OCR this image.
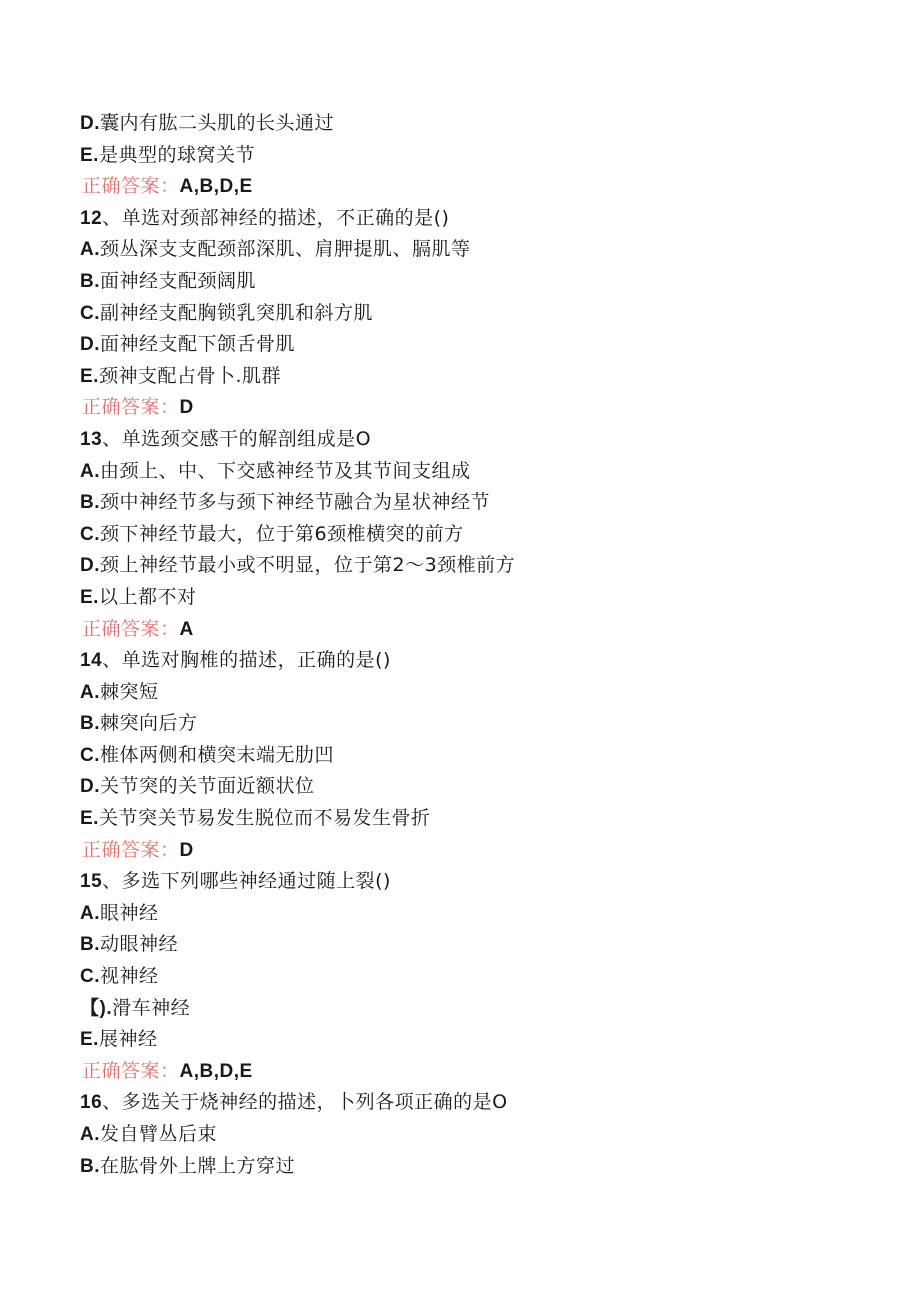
D.囊内有肱二头肌的长头通过
E.是典型的球窝关节
正确答案：A,B,D,E
12、单选对颈部神经的描述，不正确的是()
A.颈丛深支支配颈部深肌、肩胛提肌、膈肌等
B.面神经支配颈阔肌
C.副神经支配胸锁乳突肌和斜方肌
D.面神经支配下颌舌骨肌
E.颈神支配占骨卜.肌群
正确答案：D
13、单选颈交感干的解剖组成是O
A.由颈上、中、下交感神经节及其节间支组成
B.颈中神经节多与颈下神经节融合为星状神经节
C.颈下神经节最大，位于第6颈椎横突的前方
D.颈上神经节最小或不明显，位于第2〜3颈椎前方
E.以上都不对
正确答案：A
14、单选对胸椎的描述，正确的是()
A.棘突短
B.棘突向后方
C.椎体两侧和横突末端无肋凹
D.关节突的关节面近额状位
E.关节突关节易发生脱位而不易发生骨折
正确答案：D
15、多选下列哪些神经通过随上裂()
A.眼神经
B.动眼神经
C.视神经
【).滑车神经
E.展神经
正确答案：A,B,D,E
16、多选关于烧神经的描述，卜列各项正确的是O
A.发自臂丛后束
B.在肱骨外上牌上方穿过
